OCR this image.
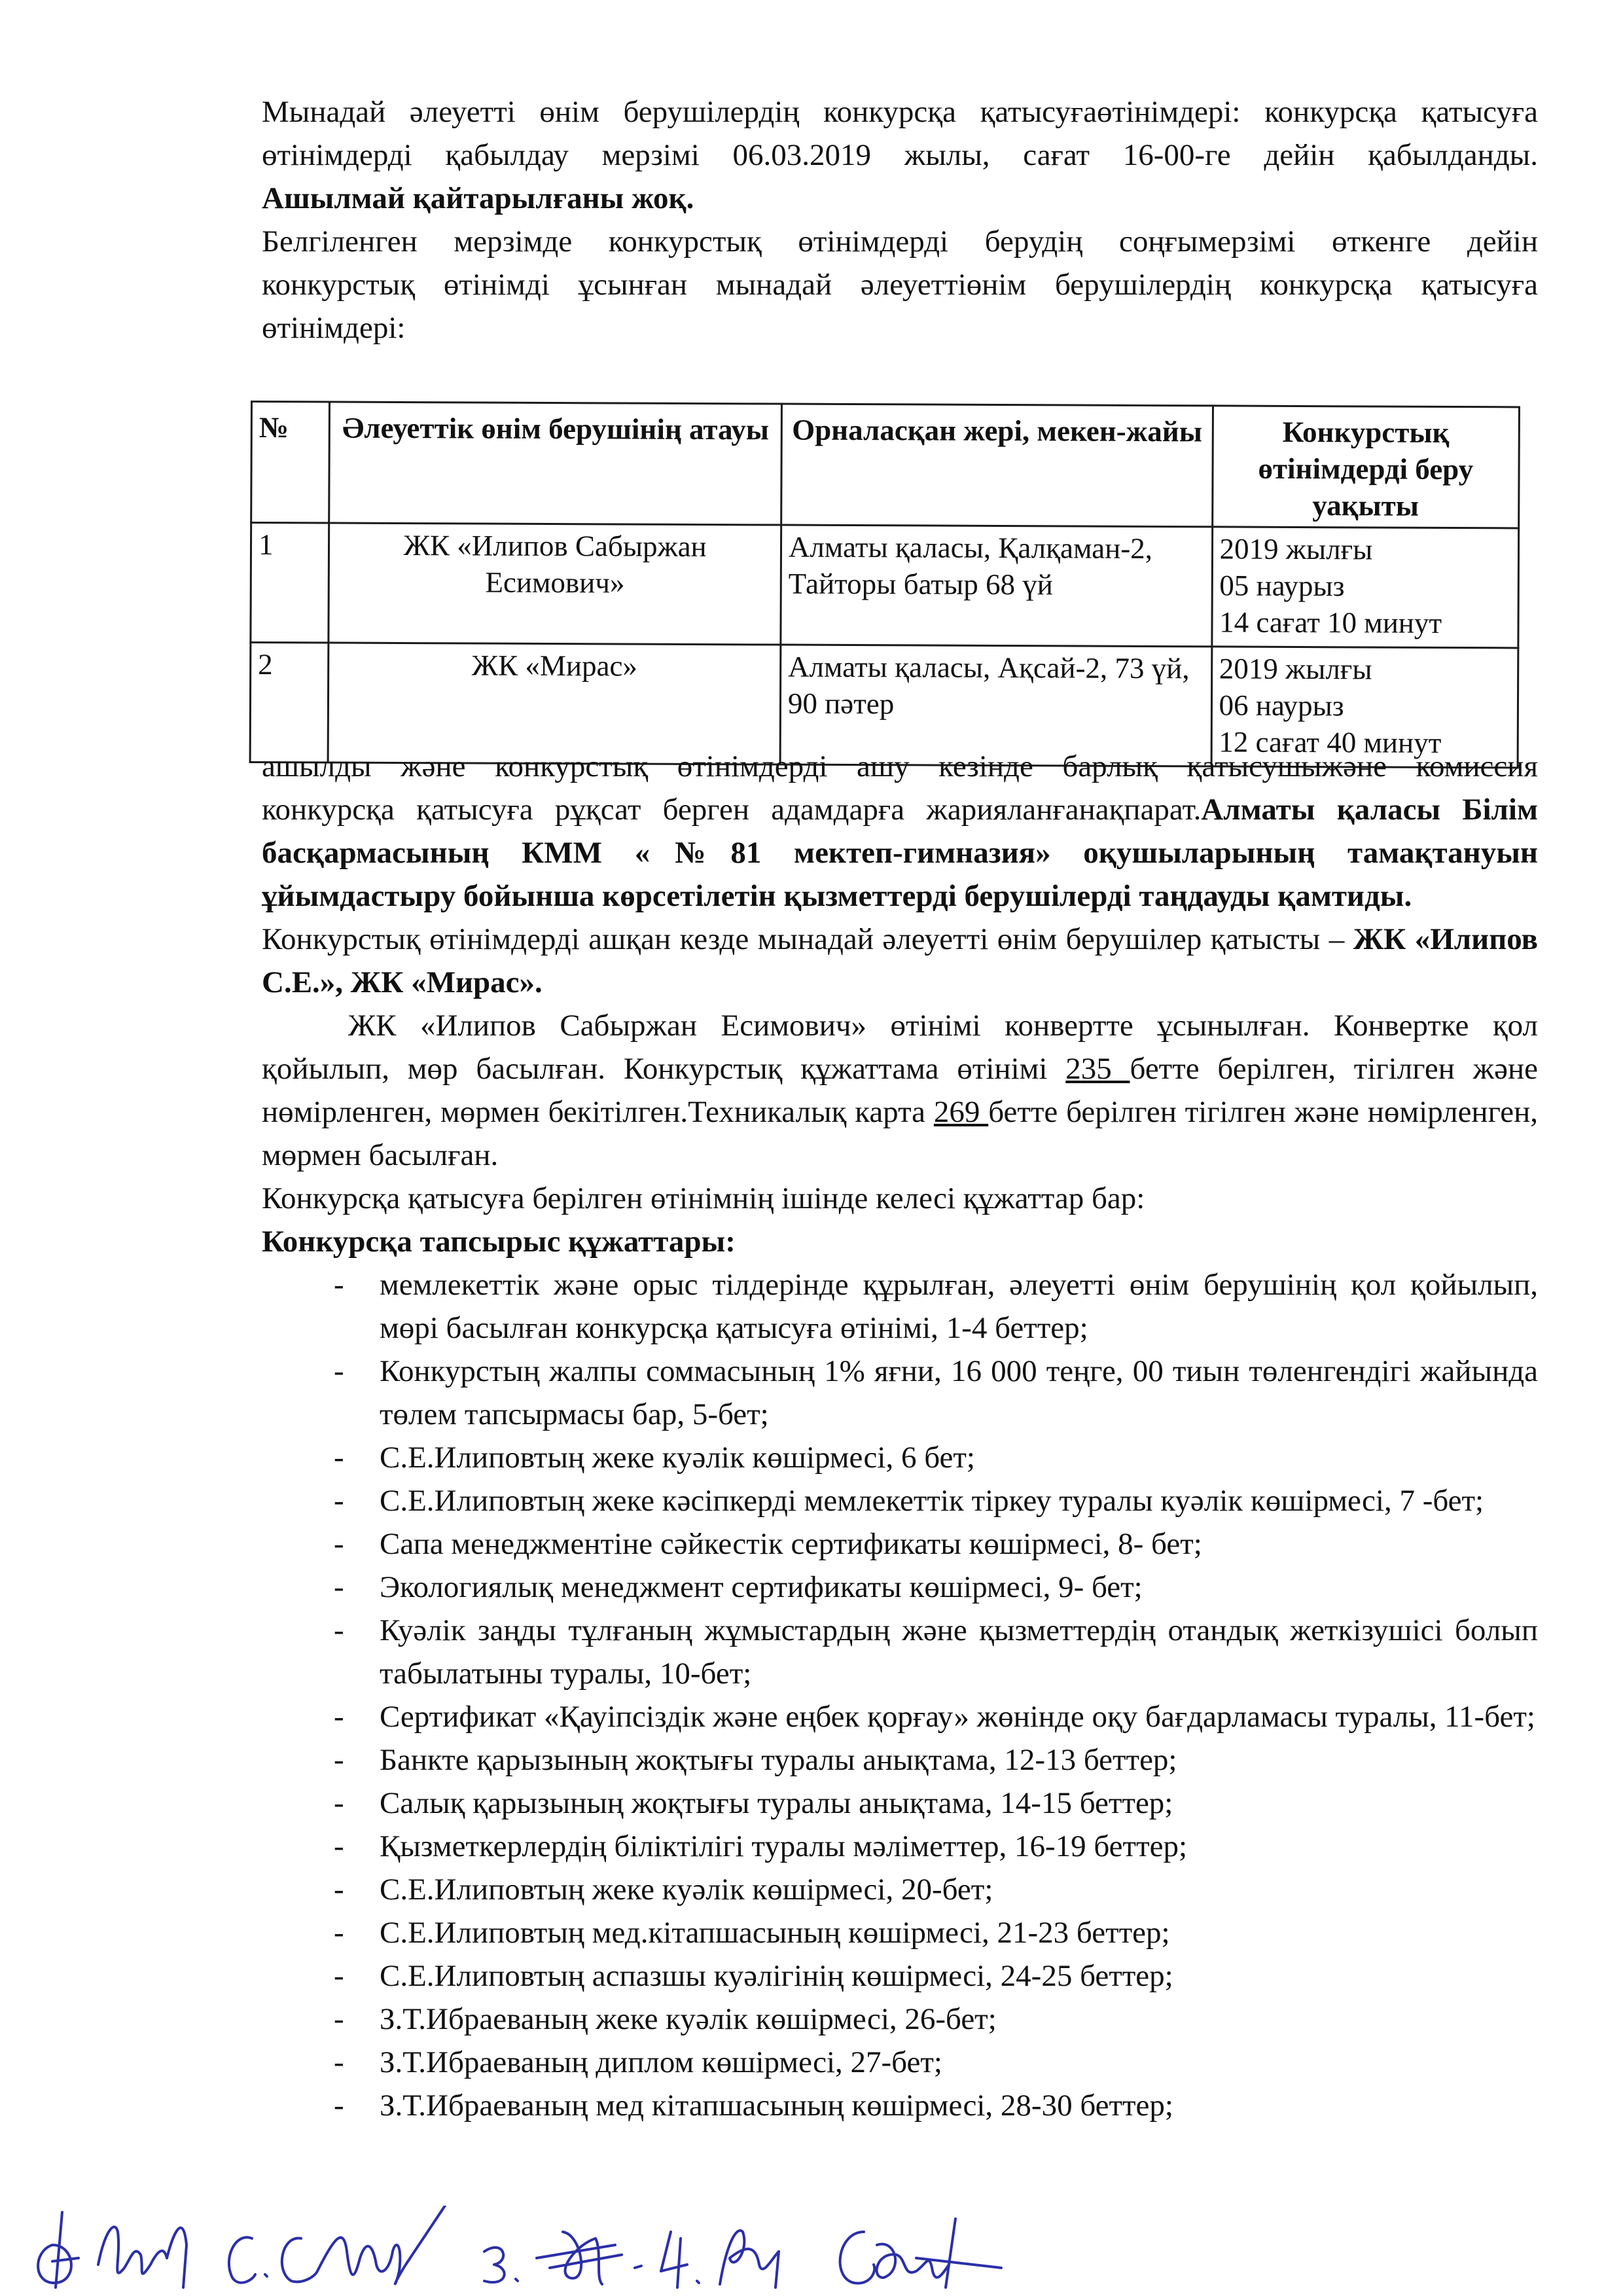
Мынадай әлеуетті өнім берушілердің конкурсқа қатысуғаөтінімдері: конкурсқа қатысуға

өтінімдерді қабылдау мерзімі 06.03.2019 жылы, сағат 16-00-ге дейін қабылданды.

Ашылмай қайтарылғаны жоқ.

Белгіленген мерзімде конкурстық өтінімдерді берудің соңғымерзімі өткенге дейін

конкурстық өтінімді ұсынған мынадай әлеуеттіөнім берушілердің конкурсқа қатысуға

өтінімдері:

№	Әлеуеттік өнім берушінің атауы	Орналасқан жері, мекен-жайы	Конкурстық өтінімдерді беру уақыты
1	ЖК «Илипов Сабыржан Есимович»	Алматы қаласы, Қалқаман-2, Тайторы батыр 68 үй	2019 жылғы
05 наурыз
14 сағат 10 минут
2	ЖК «Мирас»	Алматы қаласы, Ақсай-2, 73 үй, 90 пәтер	2019 жылғы
06 наурыз
12 сағат 40 минут

ашылды және конкурстық өтінімдерді ашу кезінде барлық қатысушыжәне комиссия

конкурсқа қатысуға рұқсат берген адамдарға жарияланғанақпарат.Алматы қаласы Білім

басқармасының КММ «№81 мектеп-гимназия» оқушыларының тамақтануын ұйымдастыру бойынша көрсетілетін қызметтерді берушілерді таңдауды қамтиды.

Конкурстық өтінімдерді ашқан кезде мынадай әлеуетті өнім берушілер қатысты – ЖК «Илипов С.Е.», ЖК «Мирас».

ЖК «Илипов Сабыржан Есимович» өтінімі конвертте ұсынылған. Конвертке қол қойылып, мөр басылған. Конкурстық құжаттама өтінімі 235 бетте берілген, тігілген және нөмірленген, мөрмен бекітілген.Техникалық карта 269 бетте берілген тігілген және нөмірленген, мөрмен басылған.

Конкурсқа қатысуға берілген өтінімнің ішінде келесі құжаттар бар:

Конкурсқа тапсырыс құжаттары:

- мемлекеттік және орыс тілдерінде құрылған, әлеуетті өнім берушінің қол қойылып, мөрі басылған конкурсқа қатысуға өтінімі, 1-4 беттер;
- Конкурстың жалпы соммасының 1% яғни, 16 000 теңге, 00 тиын төленгендігі жайында төлем тапсырмасы бар, 5-бет;
- С.Е.Илиповтың жеке куәлік көшірмесі, 6 бет;
- С.Е.Илиповтың жеке кәсіпкерді мемлекеттік тіркеу туралы куәлік көшірмесі, 7 -бет;
- Сапа менеджментіне сәйкестік сертификаты көшірмесі, 8- бет;
- Экологиялық менеджмент сертификаты көшірмесі, 9- бет;
- Куәлік заңды тұлғаның жұмыстардың және қызметтердің отандық жеткізушісі болып табылатыны туралы, 10-бет;
- Сертификат «Қауіпсіздік және еңбек қорғау» жөнінде оқу бағдарламасы туралы, 11-бет;
- Банкте қарызының жоқтығы туралы анықтама, 12-13 беттер;
- Салық қарызының жоқтығы туралы анықтама, 14-15 беттер;
- Қызметкерлердің біліктілігі туралы мәліметтер, 16-19 беттер;
- С.Е.Илиповтың жеке куәлік көшірмесі, 20-бет;
- С.Е.Илиповтың мед.кітапшасының көшірмесі, 21-23 беттер;
- С.Е.Илиповтың аспазшы куәлігінің көшірмесі, 24-25 беттер;
- З.Т.Ибраеваның жеке куәлік көшірмесі, 26-бет;
- З.Т.Ибраеваның диплом көшірмесі, 27-бет;
- З.Т.Ибраеваның мед кітапшасының көшірмесі, 28-30 беттер;
